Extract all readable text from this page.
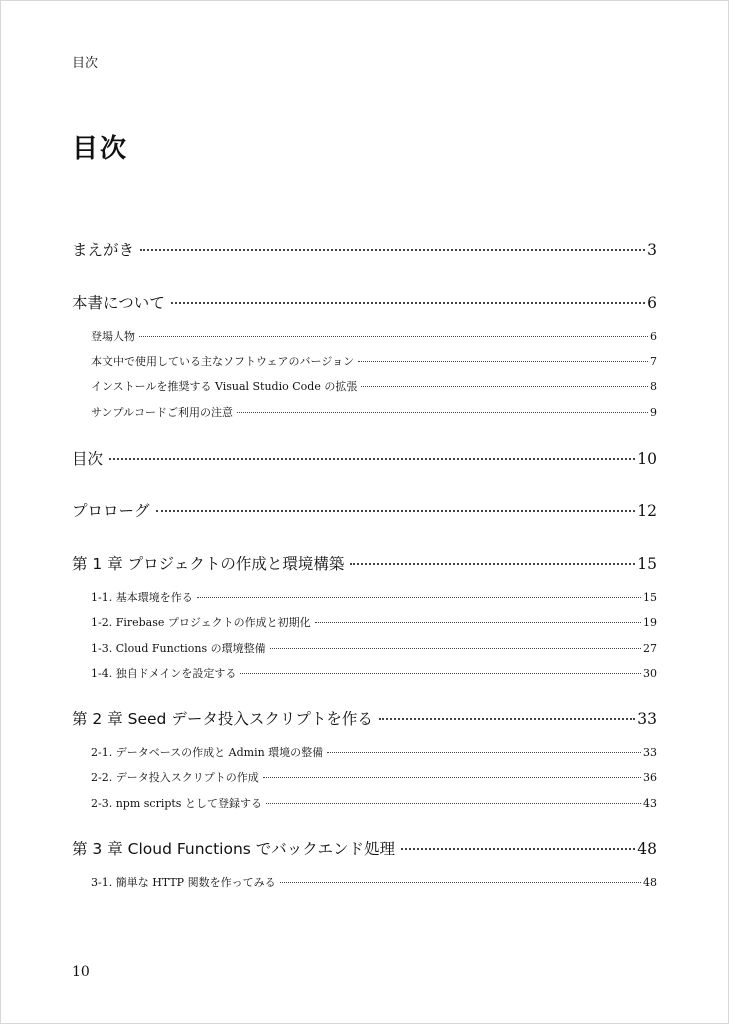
目次
目次
まえがき	3
本書について	6
登場人物	6
本文中で使用している主なソフトウェアのバージョン	7
インストールを推奨する Visual Studio Code の拡張	8
サンプルコードご利用の注意	9
目次	10
プロローグ	12
第 1 章 プロジェクトの作成と環境構築	15
1-1. 基本環境を作る	15
1-2. Firebase プロジェクトの作成と初期化	19
1-3. Cloud Functions の環境整備	27
1-4. 独自ドメインを設定する	30
第 2 章 Seed データ投入スクリプトを作る	33
2-1. データベースの作成と Admin 環境の整備	33
2-2. データ投入スクリプトの作成	36
2-3. npm scripts として登録する	43
第 3 章 Cloud Functions でバックエンド処理	48
3-1. 簡単な HTTP 関数を作ってみる	48
10
